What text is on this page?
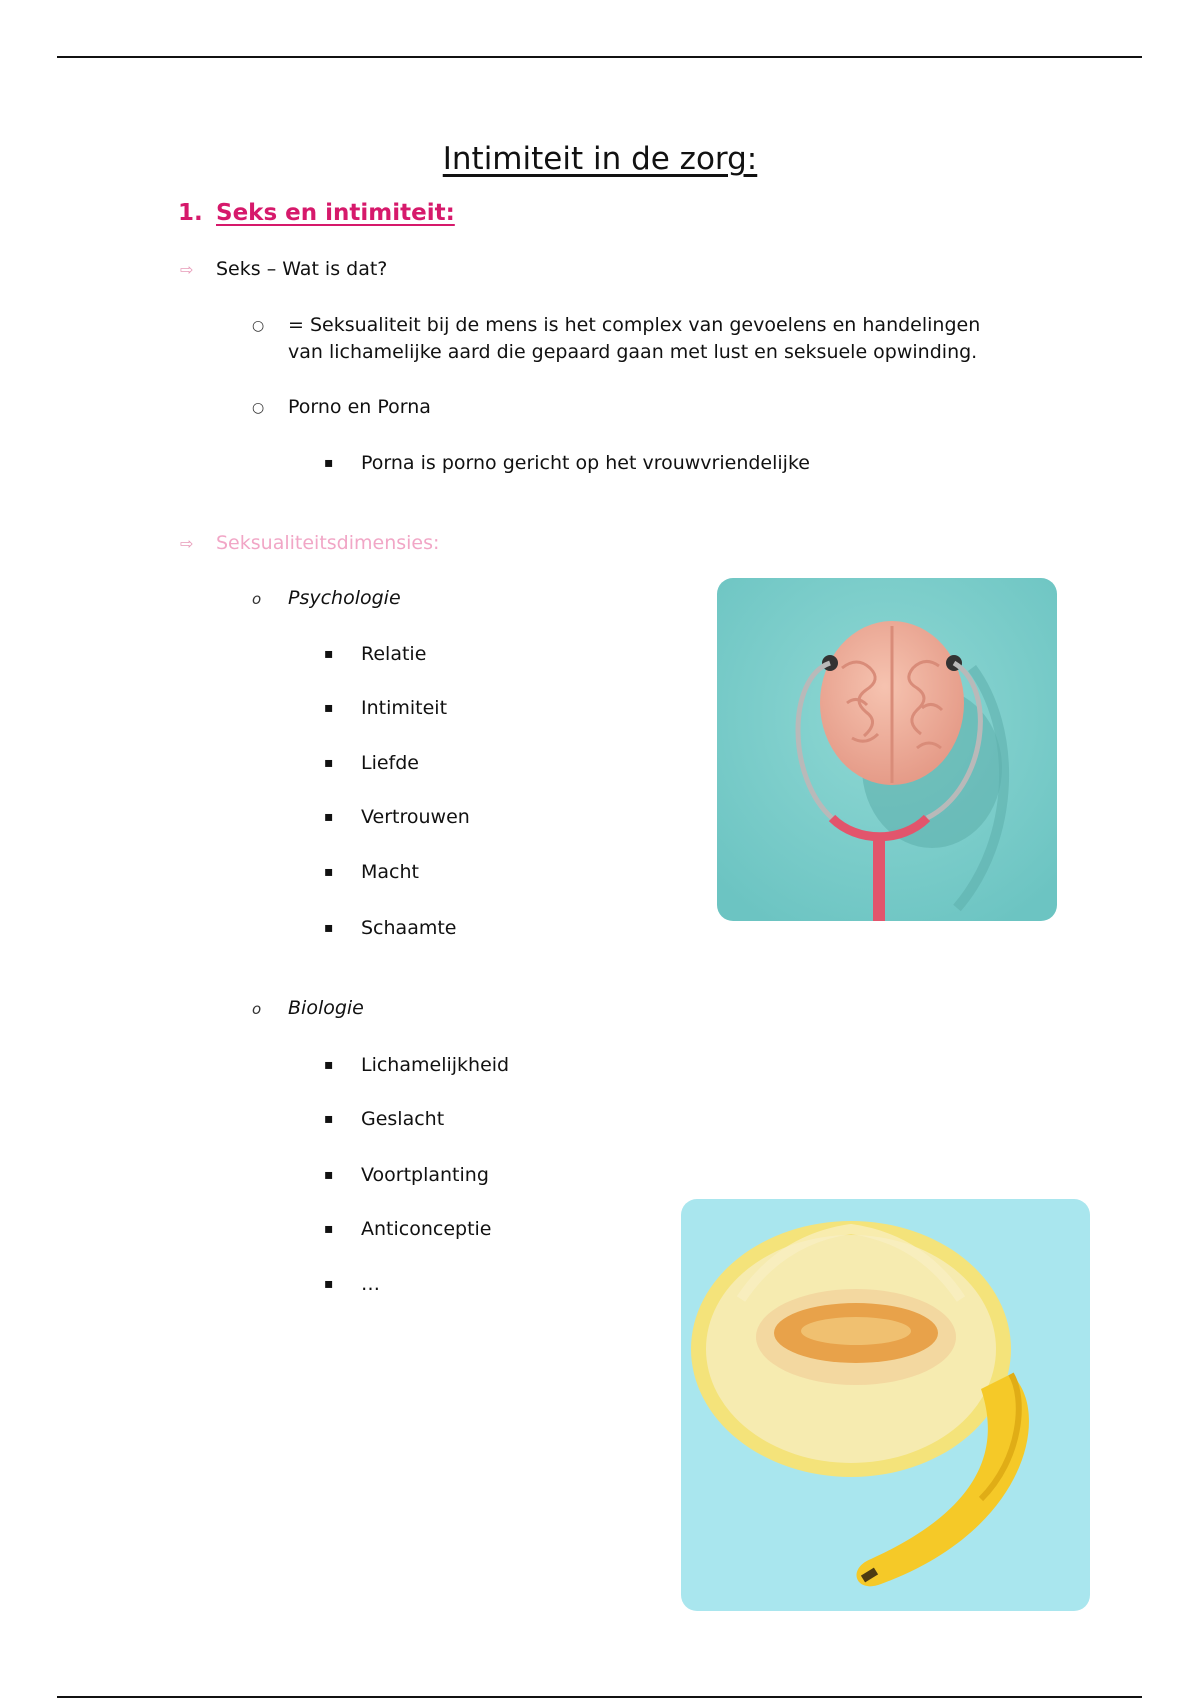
Intimiteit in de zorg:
1. Seks en intimiteit:
⇨ Seks – Wat is dat?
○ = Seksualiteit bij de mens is het complex van gevoelens en handelingen
van lichamelijke aard die gepaard gaan met lust en seksuele opwinding.
○ Porno en Porna
▪ Porna is porno gericht op het vrouwvriendelijke
⇨ Seksualiteitsdimensies:
o Psychologie
▪ Relatie
▪ Intimiteit
▪ Liefde
▪ Vertrouwen
▪ Macht
▪ Schaamte
o Biologie
▪ Lichamelijkheid
▪ Geslacht
▪ Voortplanting
▪ Anticonceptie
▪ …
